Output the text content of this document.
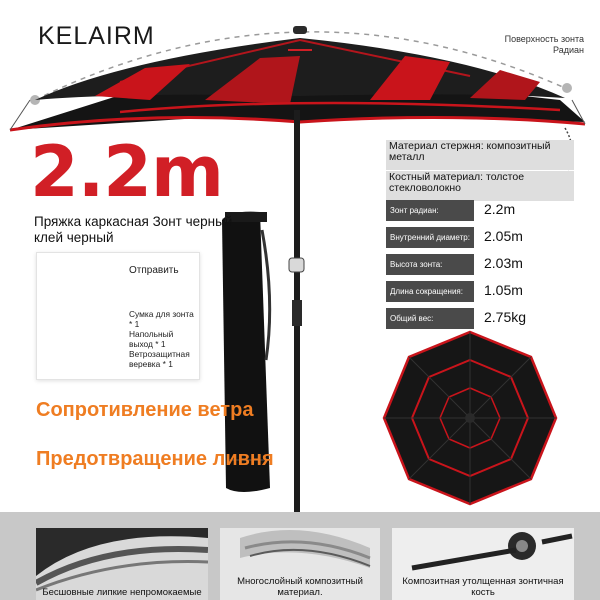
KELAIRM	Поверхность зонта Радиан
2.2m
Пряжка каркасная Зонт черный клей черный
Отправить
Сумка для зонта * 1
Напольный выход * 1
Ветрозащитная веревка * 1
Сопротивление ветра
Предотвращение ливня
Материал стержня: композитный металл
Костный материал: толстое стекловолокно
Зонт радиан:	2.2m
Внутренний диаметр: 2.05m
Высота зонта:	2.03m
Длина сокращения:	1.05m
Общий вес:	2.75kg
Бесшовные липкие непромокаемые
Многослойный композитный материал.
Композитная утолщенная зонтичная кость
